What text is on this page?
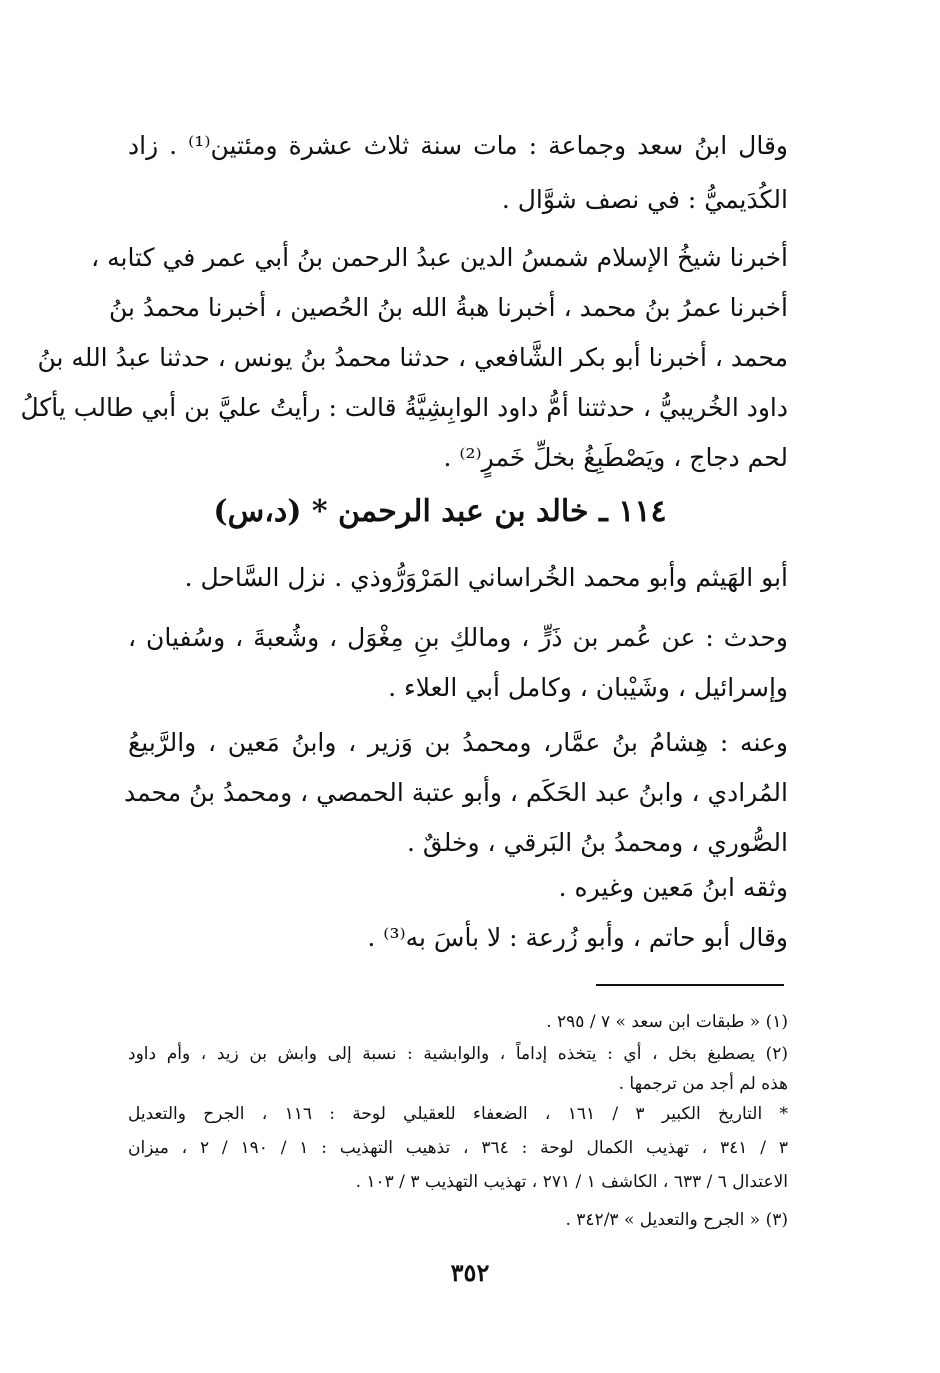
وقال ابنُ سعد وجماعة : مات سنة ثلاث عشرة ومئتين⁽¹⁾ . زاد
الكُدَيميُّ : في نصف شوَّال .
أخبرنا شيخُ الإسلام شمسُ الدين عبدُ الرحمن بنُ أبي عمر في كتابه ،
أخبرنا عمرُ بنُ محمد ، أخبرنا هبةُ الله بنُ الحُصين ، أخبرنا محمدُ بنُ
محمد ، أخبرنا أبو بكر الشَّافعي ، حدثنا محمدُ بنُ يونس ، حدثنا عبدُ الله بنُ
داود الخُريبيُّ ، حدثتنا أمُّ داود الوابِشِيَّةُ قالت : رأيتُ عليَّ بن أبي طالب يأكلُ
لحم دجاج ، ويَصْطَبِغُ بخلِّ خَمرٍ⁽²⁾ .
١١٤ ـ خالد بن عبد الرحمن * (د،س)
أبو الهَيثم وأبو محمد الخُراساني المَرْوَرُّوذي . نزل السَّاحل .
وحدث : عن عُمر بن ذَرٍّ ، ومالكِ بنِ مِغْوَل ، وشُعبةَ ، وسُفيان ،
وإسرائيل ، وشَيْبان ، وكامل أبي العلاء .
وعنه : هِشامُ بنُ عمَّار، ومحمدُ بن وَزير ، وابنُ مَعين ، والرَّبيعُ
المُرادي ، وابنُ عبد الحَكَم ، وأبو عتبة الحمصي ، ومحمدُ بنُ محمد
الصُّوري ، ومحمدُ بنُ البَرقي ، وخلقٌ .
وثقه ابنُ مَعين وغيره .
وقال أبو حاتم ، وأبو زُرعة : لا بأسَ به⁽³⁾ .
(١) « طبقات ابن سعد » ٧ / ٢٩٥ .
(٢) يصطبغ بخل ، أي : يتخذه إداماً ، والوابشية : نسبة إلى وابش بن زيد ، وأم داود
هذه لم أجد من ترجمها .
* التاريخ الكبير ٣ / ١٦١ ، الضعفاء للعقيلي لوحة : ١١٦ ، الجرح والتعديل
٣ / ٣٤١ ، تهذيب الكمال لوحة : ٣٦٤ ، تذهيب التهذيب : ١ / ١٩٠ / ٢ ، ميزان
الاعتدال ٦ / ٦٣٣ ، الكاشف ١ / ٢٧١ ، تهذيب التهذيب ٣ / ١٠٣ .
(٣) « الجرح والتعديل » ٣٤٢/٣ .
٣٥٢
